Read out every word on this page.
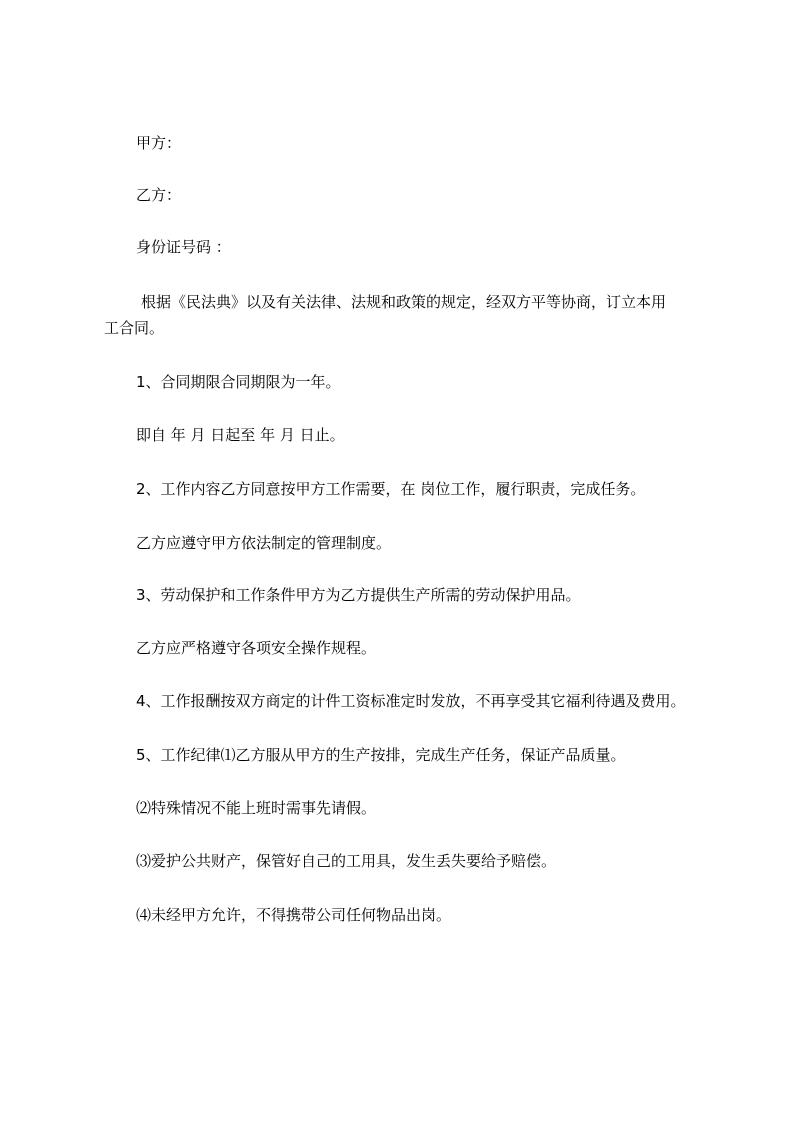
甲方：
乙方：
身份证号码 ：
根据《民法典》以及有关法律、法规和政策的规定，经双方平等协商，订立本用
工合同。
1、合同期限合同期限为一年。
即自 年 月 日起至 年 月 日止。
2、工作内容乙方同意按甲方工作需要，在 岗位工作，履行职责，完成任务。
乙方应遵守甲方依法制定的管理制度。
3、劳动保护和工作条件甲方为乙方提供生产所需的劳动保护用品。
乙方应严格遵守各项安全操作规程。
4、工作报酬按双方商定的计件工资标准定时发放，不再享受其它福利待遇及费用。
5、工作纪律⑴乙方服从甲方的生产按排，完成生产任务，保证产品质量。
⑵特殊情况不能上班时需事先请假。
⑶爱护公共财产，保管好自己的工用具，发生丢失要给予赔偿。
⑷未经甲方允许，不得携带公司任何物品出岗。
